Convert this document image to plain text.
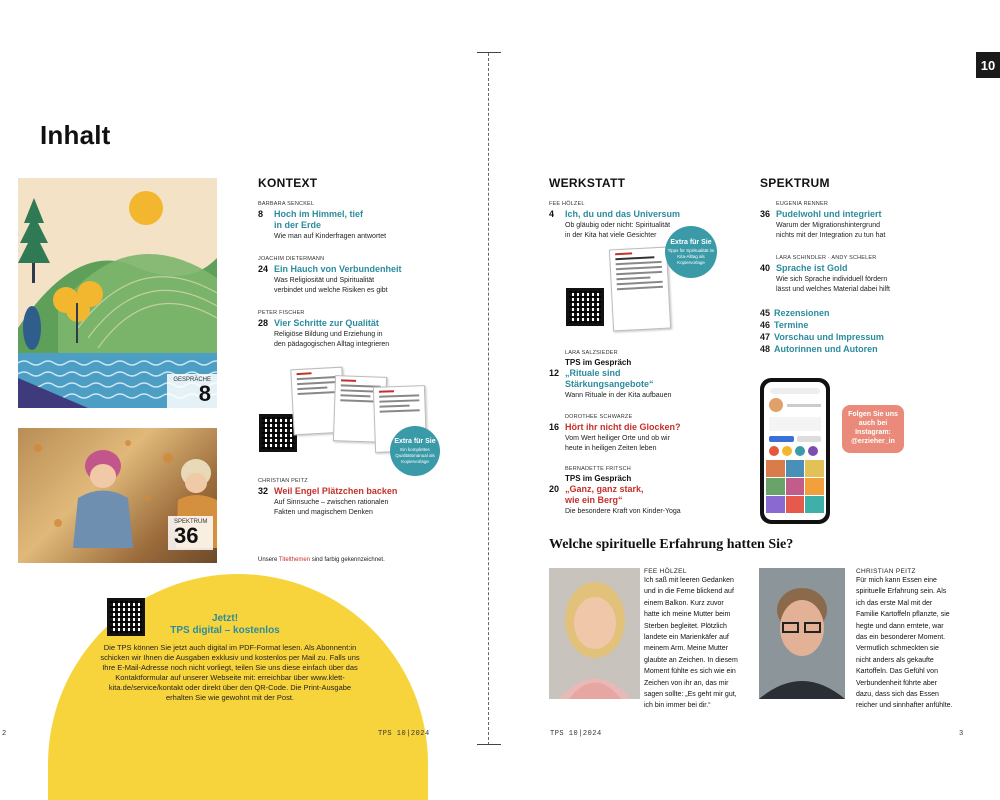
10
Inhalt
GESPRÄCHE
8
SPEKTRUM
36
KONTEXT
BARBARA SENCKEL
8	Hoch im Himmel, tief
in der Erde
Wie man auf Kinderfragen antwortet
JOACHIM DIETERMANN
24 Ein Hauch von Verbundenheit
Was Religiosität und Spiritualität
verbindet und welche Risiken es gibt
PETER FISCHER
28 Vier Schritte zur Qualität
Religiöse Bildung und Erziehung in
den pädagogischen Alltag integrieren
Extra für Sie
Ein komplettes Qualitätsmanual als Kopiervorlage
CHRISTIAN PEITZ
32 Weil Engel Plätzchen backen
Auf Sinnsuche – zwischen rationalen
Fakten und magischem Denken
Unsere Titelthemen sind farbig gekennzeichnet.
Jetzt!
TPS digital – kostenlos
Die TPS können Sie jetzt auch digital im PDF-Format lesen. Als Abonnent:in schicken wir Ihnen die Ausgaben exklusiv und kostenlos per Mail zu. Falls uns Ihre E-Mail-Adresse noch nicht vorliegt, teilen Sie uns diese einfach über das Kontaktformular auf unserer Webseite mit: erreichbar über www.klett-kita.de/service/kontakt oder direkt über den QR-Code. Die Print-Ausgabe erhalten Sie wie gewohnt mit der Post.
2	TPS 10|2024
WERKSTATT
FEE HÖLZEL
4	Ich, du und das Universum
Ob gläubig oder nicht: Spiritualität
in der Kita hat viele Gesichter
Extra für Sie
Tipps für Spiritualität im Kita-Alltag als Kopiervorlage
LARA SALZSIEDER
TPS im Gespräch
12 „Rituale sind
Stärkungsangebote“
Wann Rituale in der Kita aufbauen
DOROTHEE SCHWARZE
16 Hört ihr nicht die Glocken?
Vom Wert heiliger Orte und ob wir
heute in heiligen Zeiten leben
BERNADETTE FRITSCH
TPS im Gespräch
20 „Ganz, ganz stark,
wie ein Berg“
Die besondere Kraft von Kinder-Yoga
SPEKTRUM
EUGENIA RENNER
36 Pudelwohl und integriert
Warum der Migrationshintergrund
nichts mit der Integration zu tun hat
LARA SCHINDLER · ANDY SCHELER
40 Sprache ist Gold
Wie sich Sprache individuell fördern
lässt und welches Material dabei hilft
45 Rezensionen
46 Termine
47 Vorschau und Impressum
48 Autorinnen und Autoren
Folgen Sie uns auch bei Instagram: @erzieher_in
Welche spirituelle Erfahrung hatten Sie?
FEE HÖLZEL
Ich saß mit leeren Gedanken
und in die Ferne blickend auf
einem Balkon. Kurz zuvor
hatte ich meine Mutter beim
Sterben begleitet. Plötzlich
landete ein Marienkäfer auf
meinem Arm. Meine Mutter
glaubte an Zeichen. In diesem
Moment fühlte es sich wie ein
Zeichen von ihr an, das mir
sagen sollte: „Es geht mir gut,
ich bin immer bei dir.“
CHRISTIAN PEITZ
Für mich kann Essen eine
spirituelle Erfahrung sein. Als
ich das erste Mal mit der
Familie Kartoffeln pflanzte, sie
hegte und dann erntete, war
das ein besonderer Moment.
Vermutlich schmeckten sie
nicht anders als gekaufte
Kartoffeln. Das Gefühl von
Verbundenheit führte aber
dazu, dass sich das Essen
reicher und sinnhafter anfühlte.
TPS 10|2024	3
